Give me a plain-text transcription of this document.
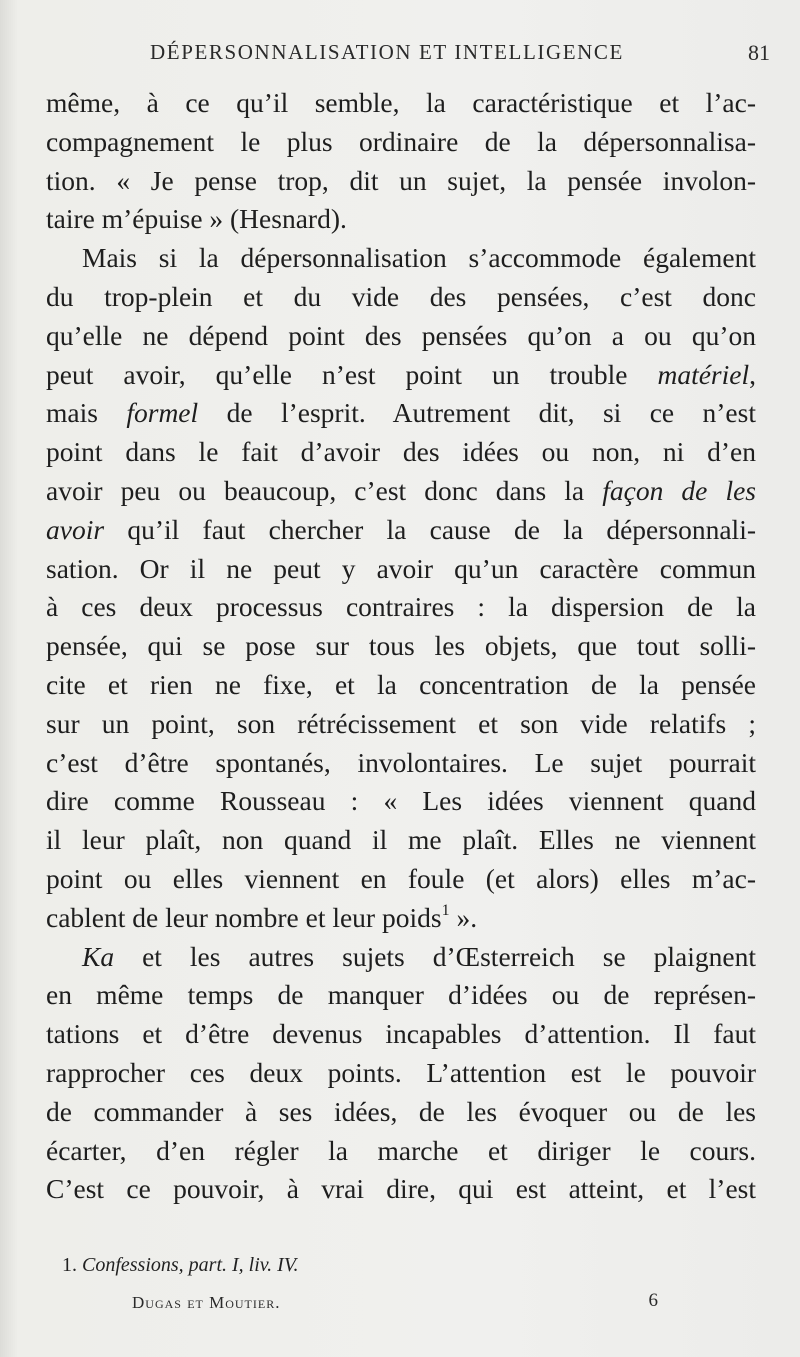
DÉPERSONNALISATION ET INTELLIGENCE	81
même, à ce qu’il semble, la caractéristique et l’ac-
compagnement le plus ordinaire de la dépersonnalisa-
tion. « Je pense trop, dit un sujet, la pensée involon-
taire m’épuise » (Hesnard).
Mais si la dépersonnalisation s’accommode également
du trop-plein et du vide des pensées, c’est donc
qu’elle ne dépend point des pensées qu’on a ou qu’on
peut avoir, qu’elle n’est point un trouble matériel,
mais formel de l’esprit. Autrement dit, si ce n’est
point dans le fait d’avoir des idées ou non, ni d’en
avoir peu ou beaucoup, c’est donc dans la façon de les
avoir qu’il faut chercher la cause de la dépersonnali-
sation. Or il ne peut y avoir qu’un caractère commun
à ces deux processus contraires : la dispersion de la
pensée, qui se pose sur tous les objets, que tout solli-
cite et rien ne fixe, et la concentration de la pensée
sur un point, son rétrécissement et son vide relatifs ;
c’est d’être spontanés, involontaires. Le sujet pourrait
dire comme Rousseau : « Les idées viennent quand
il leur plaît, non quand il me plaît. Elles ne viennent
point ou elles viennent en foule (et alors) elles m’ac-
cablent de leur nombre et leur poids$^1$ ».
Ka et les autres sujets d’Œsterreich se plaignent
en même temps de manquer d’idées ou de représen-
tations et d’être devenus incapables d’attention. Il faut
rapprocher ces deux points. L’attention est le pouvoir
de commander à ses idées, de les évoquer ou de les
écarter, d’en régler la marche et diriger le cours.
C’est ce pouvoir, à vrai dire, qui est atteint, et l’est
1. Confessions, part. I, liv. IV.
Dugas et Moutier.	6
